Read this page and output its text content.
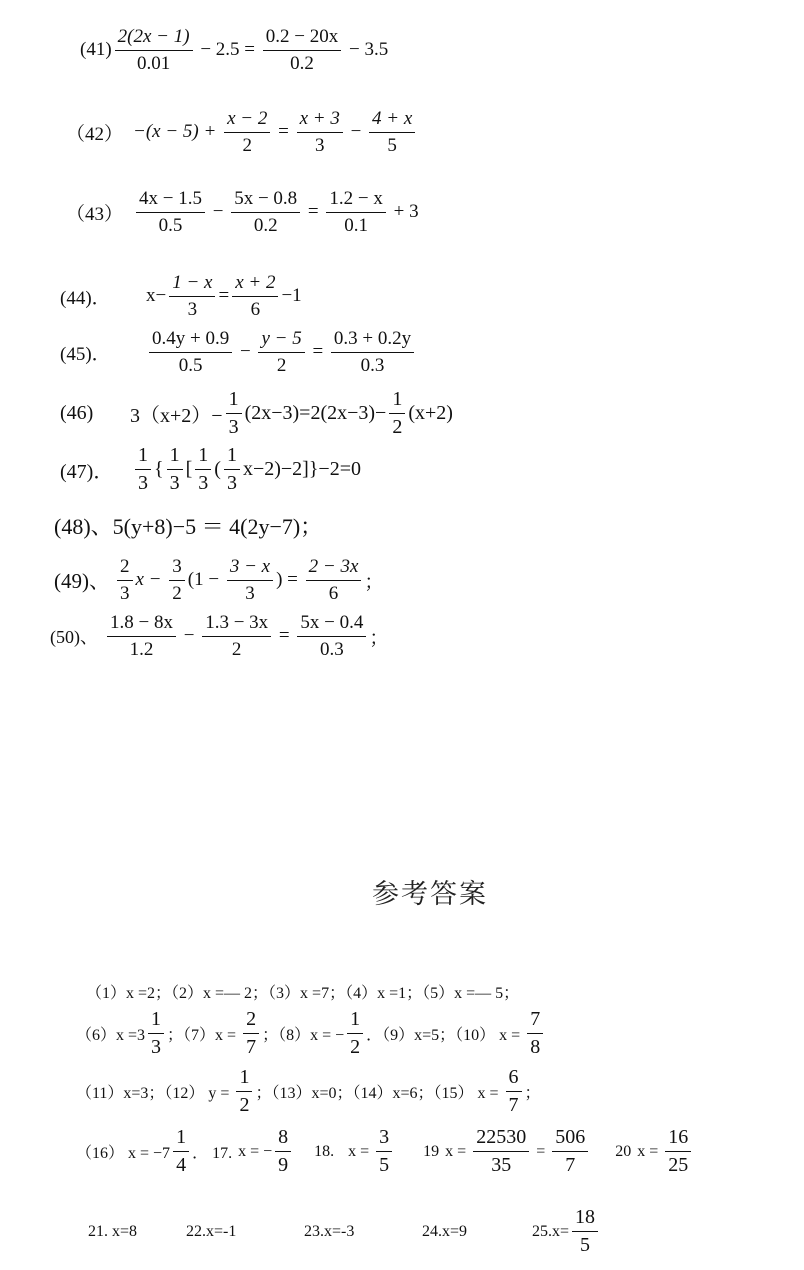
$(41) \frac{2(2x - 1)}{0.01} - 2.5 = \frac{0.2 - 20x}{0.2} - 3.5$
$(42) -(x - 5) + \frac{x - 2}{2} = \frac{x + 3}{3} - \frac{4 + x}{5}$
$(43) \frac{4x - 1.5}{0.5} - \frac{5x - 0.8}{0.2} = \frac{1.2 - x}{0.1} + 3$
(44)．	$x- \frac{1 - x}{3} = \frac{x + 2}{6} -1$
(45)．	$\frac{0.4y + 0.9}{0.5} - \frac{y - 5}{2} = \frac{0.3 + 0.2y}{0.3}$
(46)	$3(x+2)- \frac{1}{3} (2x-3)=2(2x-3)- \frac{1}{2} (x+2)$
(47)．	$\frac{1}{3}$ { $\frac{1}{3}$ [ $\frac{1}{3}$ ( $\frac{1}{3} x-2)-2]\}-2=0$
(48)、 5(y+8)−5 ＝ 4(2y−7)；
(49)、 $\frac{2}{3}$ $x - \frac{3}{2} (1 - \frac{3 - x}{3}$ ) = $\frac{2 - 3x}{6}$ ；
(50)、 $\frac{1.8 - 8x}{1.2} - \frac{1.3 - 3x}{2} = \frac{5x - 0.4}{0.3}$ ；
参考答案
（1）x =2；（2）x =— 2；（3）x =7；（4）x =1；（5）x =— 5；
$(6)x =3 \frac{1}{3}$ ；$(7)x = \frac{2}{7}$ ；（8）x = − $\frac{1}{2}$ ．（9）x=5；（10） $x = \frac{7}{8}$
（11）x=3；（12） $y = \frac{1}{2}$ ；（13）x=0；（14）x=6；（15） $x = \frac{6}{7}$ ；
（16） $x = -7 \frac{1}{4}$ ． 17. x = − $\frac{8}{9} 18$. $x = \frac{3}{5} 19$ $x = \frac{22530}{35} = \frac{506}{7} 20$ $x = \frac{16}{25}$
21. x=8	22.x=-1	23.x=-3	24.x=9	$25.x= \frac{18}{5}$
